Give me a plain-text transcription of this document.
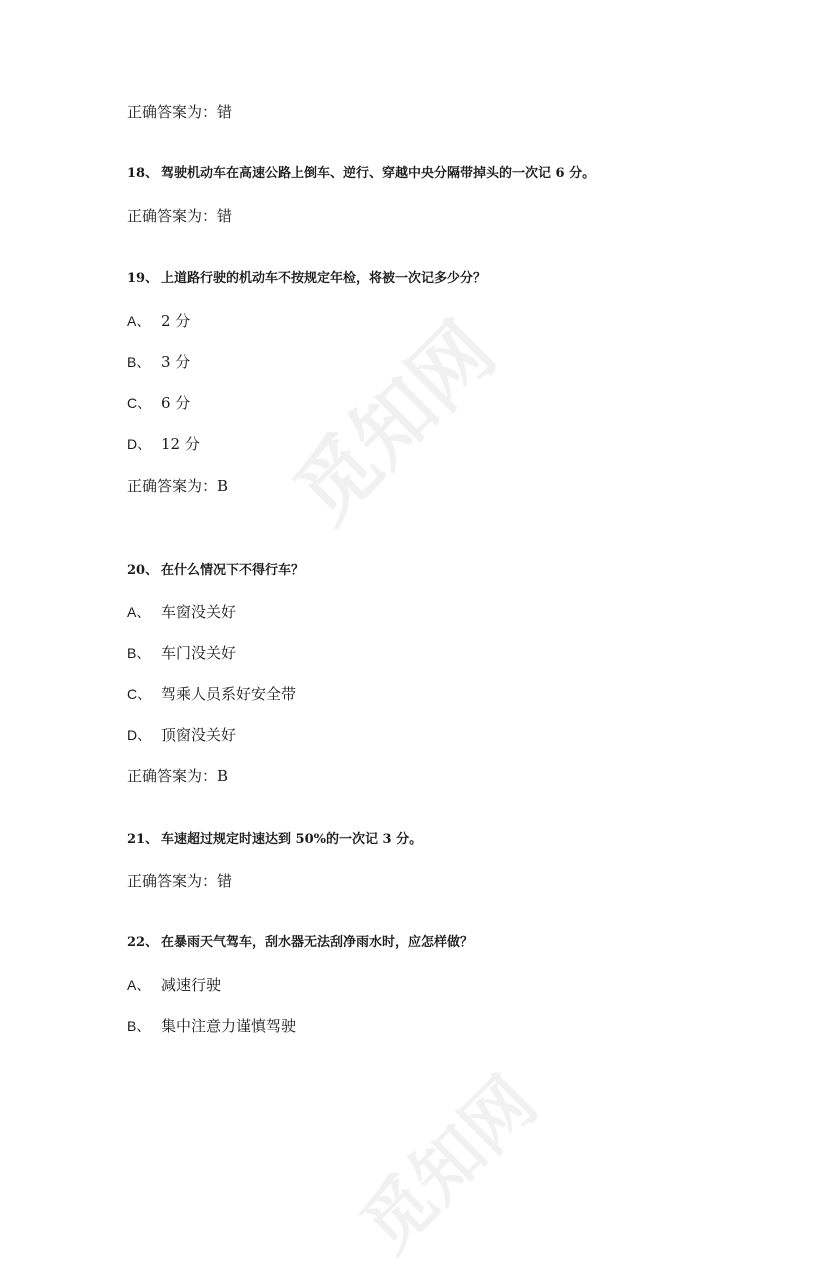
觅知网
觅知网
正确答案为：错
18、 驾驶机动车在高速公路上倒车、逆行、穿越中央分隔带掉头的一次记 6 分。
正确答案为：错
19、 上道路行驶的机动车不按规定年检，将被一次记多少分？
A、 2 分
B、 3 分
C、 6 分
D、 12 分
正确答案为：B
20、 在什么情况下不得行车？
A、 车窗没关好
B、 车门没关好
C、 驾乘人员系好安全带
D、 顶窗没关好
正确答案为：B
21、 车速超过规定时速达到 50%的一次记 3 分。
正确答案为：错
22、 在暴雨天气驾车，刮水器无法刮净雨水时，应怎样做？
A、 减速行驶
B、 集中注意力谨慎驾驶
